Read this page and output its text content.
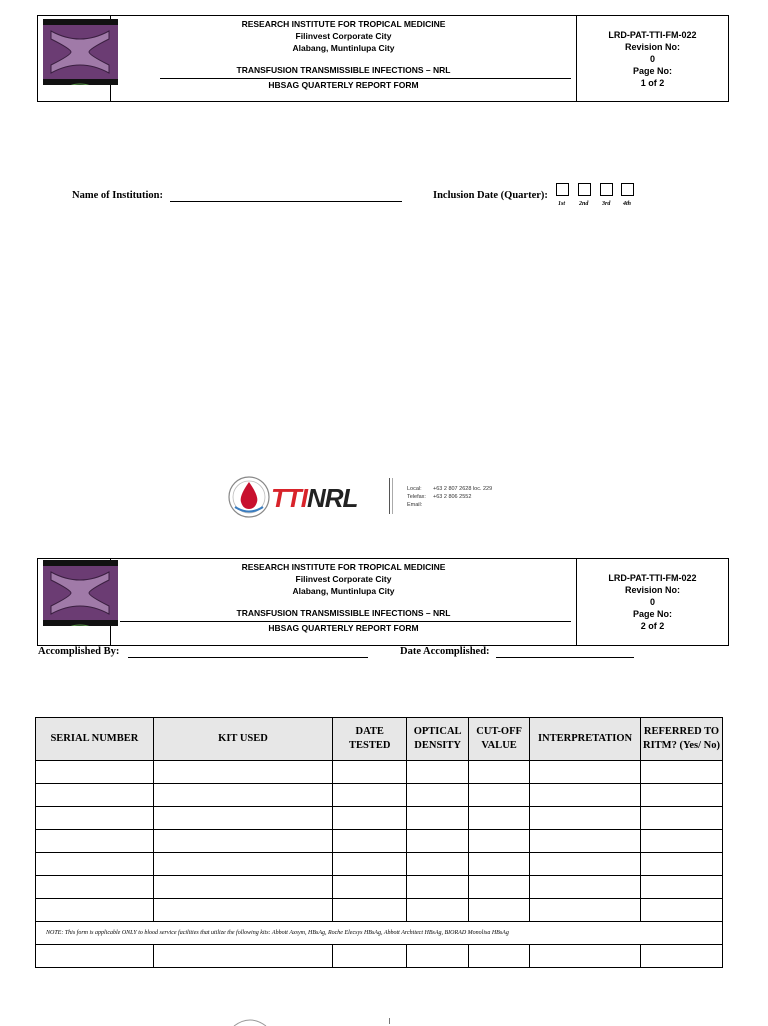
RESEARCH INSTITUTE FOR TROPICAL MEDICINE
Filinvest Corporate City
Alabang, Muntinlupa City
TRANSFUSION TRANSMISSIBLE INFECTIONS – NRL
HBSAG QUARTERLY REPORT FORM
LRD-PAT-TTI-FM-022
Revision No:
0
Page No:
1 of 2
Name of Institution:	Inclusion Date (Quarter):
1st 2nd 3rd 4th
TTINRL	Local: +63 2 807 2628 loc. 229
Telefax: +63 2 806 2552
Email:
RESEARCH INSTITUTE FOR TROPICAL MEDICINE
Filinvest Corporate City
Alabang, Muntinlupa City
TRANSFUSION TRANSMISSIBLE INFECTIONS – NRL
HBSAG QUARTERLY REPORT FORM
LRD-PAT-TTI-FM-022
Revision No:
0
Page No:
2 of 2
Accomplished By:	Date Accomplished:
SERIAL NUMBER	KIT USED	DATE TESTED	OPTICAL DENSITY	CUT-OFF VALUE	INTERPRETATION	REFERRED TO RITM? (Yes/ No)

NOTE: This form is applicable ONLY to blood service facilities that utilize the following kits: Abbott Axsym, HBsAg, Roche Elecsys HBsAg, Abbott Architect HBsAg, BIORAD Monolisa HBsAg						
